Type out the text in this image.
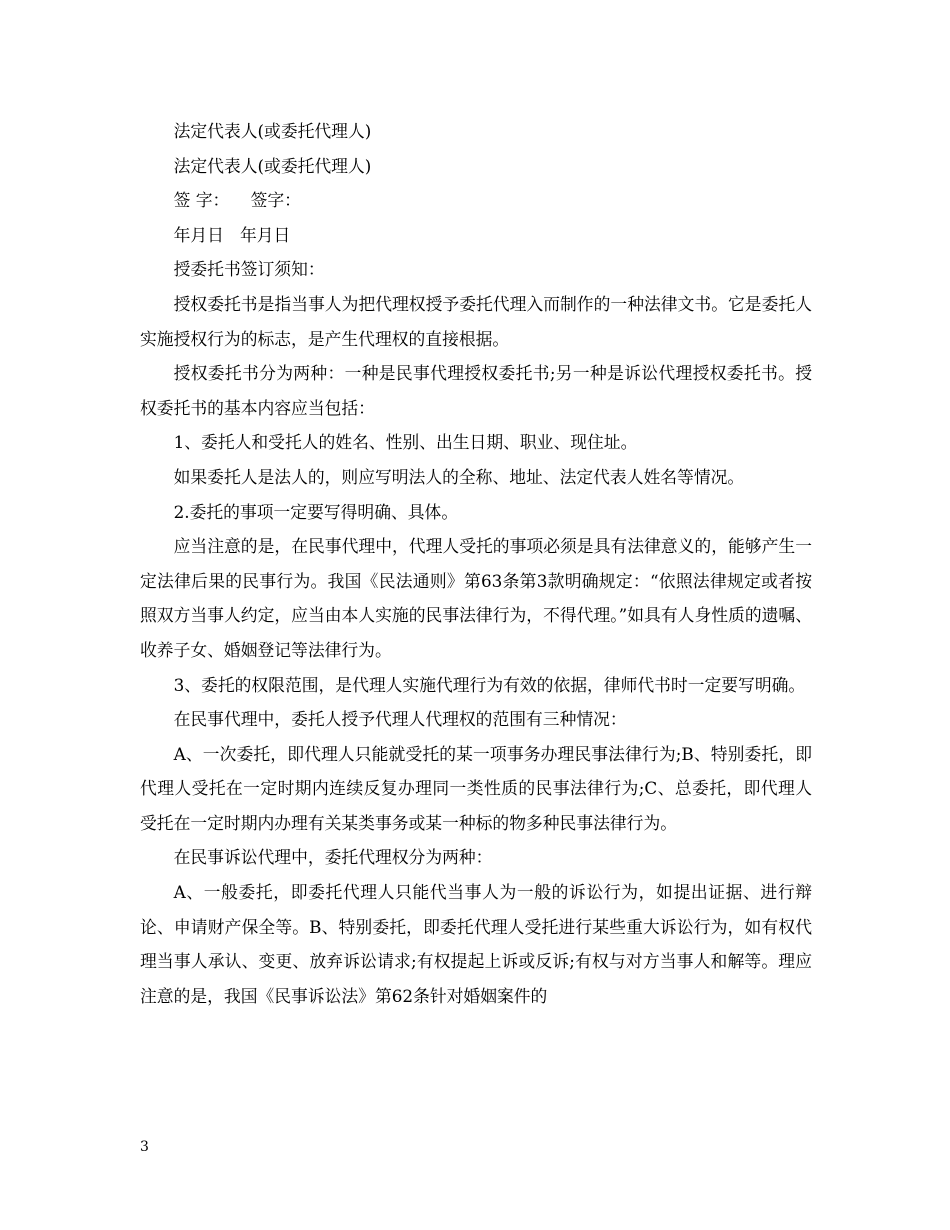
法定代表人(或委托代理人)

法定代表人(或委托代理人)

签 字：    签字：

年月日   年月日

授委托书签订须知：

授权委托书是指当事人为把代理权授予委托代理入而制作的一种法律文书。它是委托人实施授权行为的标志，是产生代理权的直接根据。

授权委托书分为两种：一种是民事代理授权委托书;另一种是诉讼代理授权委托书。授权委托书的基本内容应当包括：

1、委托人和受托人的姓名、性别、出生日期、职业、现住址。

如果委托人是法人的，则应写明法人的全称、地址、法定代表人姓名等情况。

2.委托的事项一定要写得明确、具体。

应当注意的是，在民事代理中，代理人受托的事项必须是具有法律意义的，能够产生一定法律后果的民事行为。我国《民法通则》第63条第3款明确规定：“依照法律规定或者按照双方当事人约定，应当由本人实施的民事法律行为，不得代理。”如具有人身性质的遗嘱、收养子女、婚姻登记等法律行为。

3、委托的权限范围，是代理人实施代理行为有效的依据，律师代书时一定要写明确。

在民事代理中，委托人授予代理人代理权的范围有三种情况：

A、一次委托，即代理人只能就受托的某一项事务办理民事法律行为;B、特别委托，即代理人受托在一定时期内连续反复办理同一类性质的民事法律行为;C、总委托，即代理人受托在一定时期内办理有关某类事务或某一种标的物多种民事法律行为。

在民事诉讼代理中，委托代理权分为两种：

A、一般委托，即委托代理人只能代当事人为一般的诉讼行为，如提出证据、进行辩论、申请财产保全等。B、特别委托，即委托代理人受托进行某些重大诉讼行为，如有权代理当事人承认、变更、放弃诉讼请求;有权提起上诉或反诉;有权与对方当事人和解等。理应注意的是，我国《民事诉讼法》第62条针对婚姻案件的

3
